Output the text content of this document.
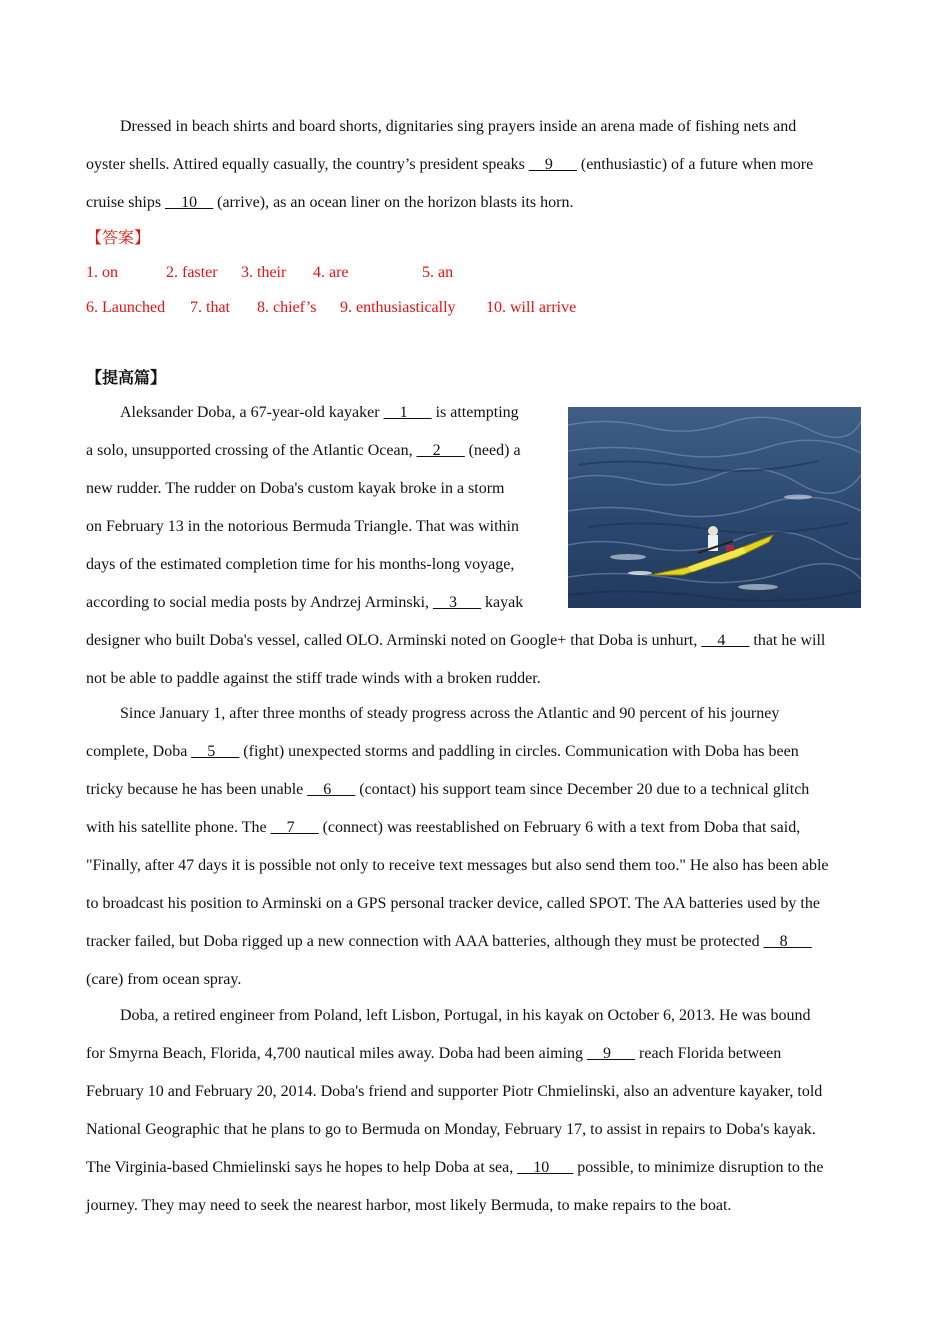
Dressed in beach shirts and board shorts, dignitaries sing prayers inside an arena made of fishing nets and
oyster shells. Attired equally casually, the country’s president speaks __9___ (enthusiastic) of a future when more
cruise ships __10__ (arrive), as an ocean liner on the horizon blasts its horn.
【答案】
1. on	2. faster 3. their 4. are	5. an
6. Launched 7. that 8. chief’s 9. enthusiastically 10. will arrive
【提高篇】
Aleksander Doba, a 67-year-old kayaker __1___ is attempting
a solo, unsupported crossing of the Atlantic Ocean, __2___ (need) a
new rudder. The rudder on Doba's custom kayak broke in a storm
on February 13 in the notorious Bermuda Triangle. That was within
days of the estimated completion time for his months-long voyage,
according to social media posts by Andrzej Arminski, __3___ kayak
designer who built Doba's vessel, called OLO. Arminski noted on Google+ that Doba is unhurt, __4___ that he will
not be able to paddle against the stiff trade winds with a broken rudder.
Since January 1, after three months of steady progress across the Atlantic and 90 percent of his journey
complete, Doba __5___ (fight) unexpected storms and paddling in circles. Communication with Doba has been
tricky because he has been unable __6___ (contact) his support team since December 20 due to a technical glitch
with his satellite phone. The __7___ (connect) was reestablished on February 6 with a text from Doba that said,
"Finally, after 47 days it is possible not only to receive text messages but also send them too." He also has been able
to broadcast his position to Arminski on a GPS personal tracker device, called SPOT. The AA batteries used by the
tracker failed, but Doba rigged up a new connection with AAA batteries, although they must be protected __8___
(care) from ocean spray.
Doba, a retired engineer from Poland, left Lisbon, Portugal, in his kayak on October 6, 2013. He was bound
for Smyrna Beach, Florida, 4,700 nautical miles away. Doba had been aiming __9___ reach Florida between
February 10 and February 20, 2014. Doba's friend and supporter Piotr Chmielinski, also an adventure kayaker, told
National Geographic that he plans to go to Bermuda on Monday, February 17, to assist in repairs to Doba's kayak.
The Virginia-based Chmielinski says he hopes to help Doba at sea, __10___ possible, to minimize disruption to the
journey. They may need to seek the nearest harbor, most likely Bermuda, to make repairs to the boat.
